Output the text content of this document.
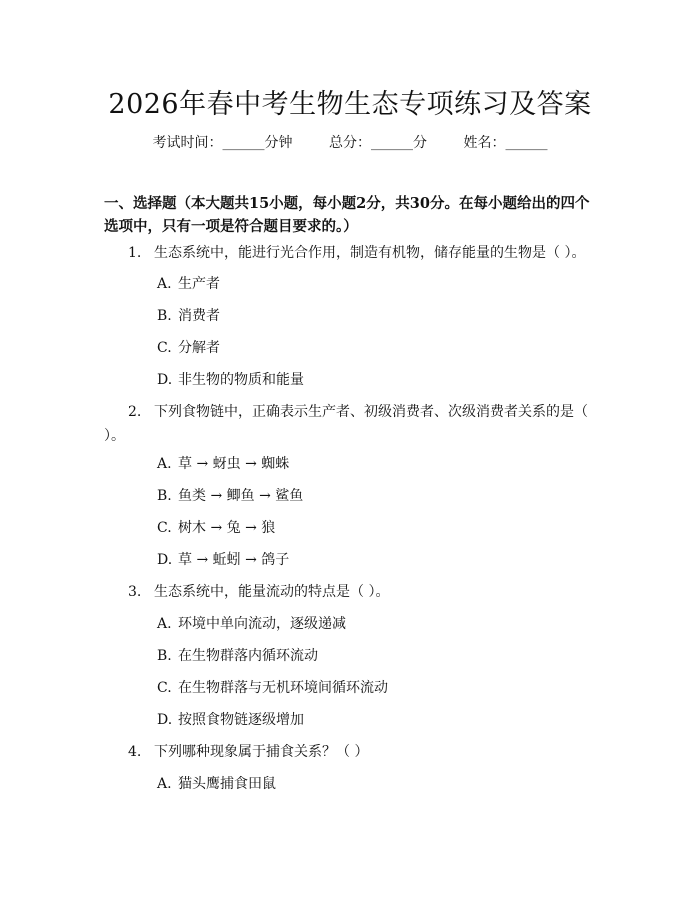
2026年春中考生物生态专项练习及答案
考试时间：______分钟	总分：______分	姓名：______
一、选择题（本大题共15小题，每小题2分，共30分。在每小题给出的四个选项中，只有一项是符合题目要求的。）
1. 生态系统中，能进行光合作用，制造有机物，储存能量的生物是（ ）。
A. 生产者
B. 消费者
C. 分解者
D. 非生物的物质和能量
2. 下列食物链中，正确表示生产者、初级消费者、次级消费者关系的是（ ）。
A. 草 → 蚜虫 → 蜘蛛
B. 鱼类 → 鲫鱼 → 鲨鱼
C. 树木 → 兔 → 狼
D. 草 → 蚯蚓 → 鸽子
3. 生态系统中，能量流动的特点是（ ）。
A. 环境中单向流动，逐级递减
B. 在生物群落内循环流动
C. 在生物群落与无机环境间循环流动
D. 按照食物链逐级增加
4. 下列哪种现象属于捕食关系？（ ）
A. 猫头鹰捕食田鼠
